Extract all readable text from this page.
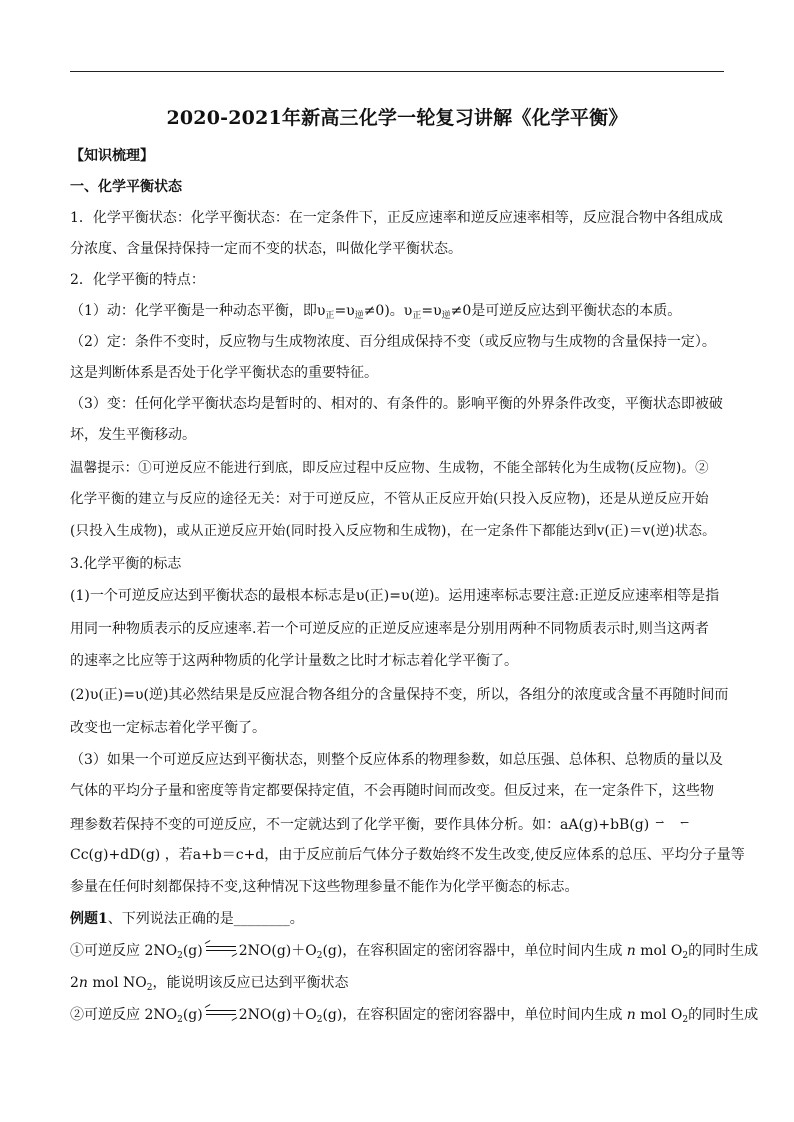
2020-2021年新高三化学一轮复习讲解《化学平衡》
【知识梳理】
一、化学平衡状态
1．化学平衡状态：化学平衡状态：在一定条件下，正反应速率和逆反应速率相等，反应混合物中各组成成
分浓度、含量保持保持一定而不变的状态，叫做化学平衡状态。
2．化学平衡的特点：
（1）动：化学平衡是一种动态平衡，即$\upsilon_正=\upsilon_逆\ne 0$)。$\upsilon_正=\upsilon_逆\ne 0$是可逆反应达到平衡状态的本质。
（2）定：条件不变时，反应物与生成物浓度、百分组成保持不变（或反应物与生成物的含量保持一定）。
这是判断体系是否处于化学平衡状态的重要特征。
（3）变：任何化学平衡状态均是暂时的、相对的、有条件的。影响平衡的外界条件改变，平衡状态即被破
坏，发生平衡移动。
温馨提示：①可逆反应不能进行到底，即反应过程中反应物、生成物，不能全部转化为生成物(反应物)。②
化学平衡的建立与反应的途径无关：对于可逆反应，不管从正反应开始(只投入反应物)，还是从逆反应开始
(只投入生成物)，或从正逆反应开始(同时投入反应物和生成物)，在一定条件下都能达到v(正)＝v(逆)状态。
3.化学平衡的标志
(1)一个可逆反应达到平衡状态的最根本标志是υ(正)=υ(逆)。运用速率标志要注意:正逆反应速率相等是指
用同一种物质表示的反应速率.若一个可逆反应的正逆反应速率是分别用两种不同物质表示时,则当这两者
的速率之比应等于这两种物质的化学计量数之比时才标志着化学平衡了。
(2)υ(正)=υ(逆)其必然结果是反应混合物各组分的含量保持不变，所以，各组分的浓度或含量不再随时间而
改变也一定标志着化学平衡了。
（3）如果一个可逆反应达到平衡状态，则整个反应体系的物理参数，如总压强、总体积、总物质的量以及
气体的平均分子量和密度等肯定都要保持定值，不会再随时间而改变。但反过来，在一定条件下，这些物
理参数若保持不变的可逆反应，不一定就达到了化学平衡，要作具体分析。如：aA(g)+bB(g) ⇀ ↽
Cc(g)+dD(g) ，若a+b＝c+d，由于反应前后气体分子数始终不发生改变,使反应体系的总压、平均分子量等
参量在任何时刻都保持不变,这种情况下这些物理参量不能作为化学平衡态的标志。
例题1、下列说法正确的是________。
①可逆反应 $2NO_2(g)$	$2NO(g)+O_2(g)$，在容积固定的密闭容器中，单位时间内生成 n mol $O_2$的同时生成
2n mol $NO_2$，能说明该反应已达到平衡状态
②可逆反应 $2NO_2(g)$	$2NO(g)+O_2(g)$，在容积固定的密闭容器中，单位时间内生成 n mol $O_2$的同时生成
